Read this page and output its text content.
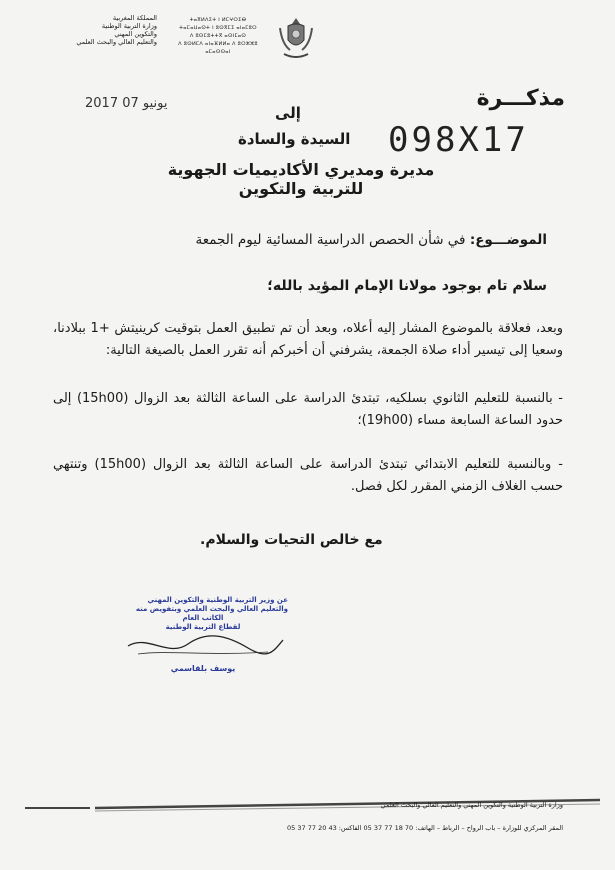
المملكة المغربية
وزارة التربية الوطنية
والتكوين المهني
والتعليم العالي والبحث العلمي
ⵜⴰⴳⵍⴷⵉⵜ ⵏ ⵍⵎⵖⵔⵉⴱ
ⵜⴰⵎⴰⵡⴰⵙⵜ ⵏ ⵓⵙⴳⵎⵉ ⴰⵏⴰⵎⵓⵔ
ⴷ ⵓⵙⵎⵓⵜⵜⴳ ⴰⵙⵏⵎⴰⵙ
ⴷ ⵓⵙⵍⵎⴷ ⴰⵏⴰⴼⵍⵍⴰ ⴷ ⵓⵔⵣⵣⵓ ⴰⵎⴰⵙⵙⴰⵏ
مذكـــرة
098X17
2017 يونيو 07
إلى
السيدة والسادة
مديرة ومديري الأكاديميات الجهوية للتربية والتكوين
الموضـــوع: في شأن الحصص الدراسية المسائية ليوم الجمعة
سلام تام بوجود مولانا الإمام المؤيد بالله؛
وبعد، فعلاقة بالموضوع المشار إليه أعلاه، وبعد أن تم تطبيق العمل بتوقيت كرينيتش +1 ببلادنا، وسعيا إلى تيسير أداء صلاة الجمعة، يشرفني أن أخبركم أنه تقرر العمل بالصيغة التالية:
- بالنسبة للتعليم الثانوي بسلكيه، تبتدئ الدراسة على الساعة الثالثة بعد الزوال (15h00) إلى حدود الساعة السابعة مساء (19h00)؛
- وبالنسبة للتعليم الابتدائي تبتدئ الدراسة على الساعة الثالثة بعد الزوال (15h00) وتنتهي حسب الغلاف الزمني المقرر لكل فصل.
مع خالص التحيات والسلام.
عن وزير التربية الوطنية والتكوين المهني
والتعليم العالي والبحث العلمي وبتفويض منه
الكاتب العام
لقطاع التربية الوطنية
يوسف بلقاسمي
وزارة التربية الوطنية والتكوين المهني والتعليم العالي والبحث العلمي
المقر المركزي للوزارة – باب الرواح – الرباط – الهاتف: 70 18 77 37 05 الفاكس: 43 20 77 37 05
